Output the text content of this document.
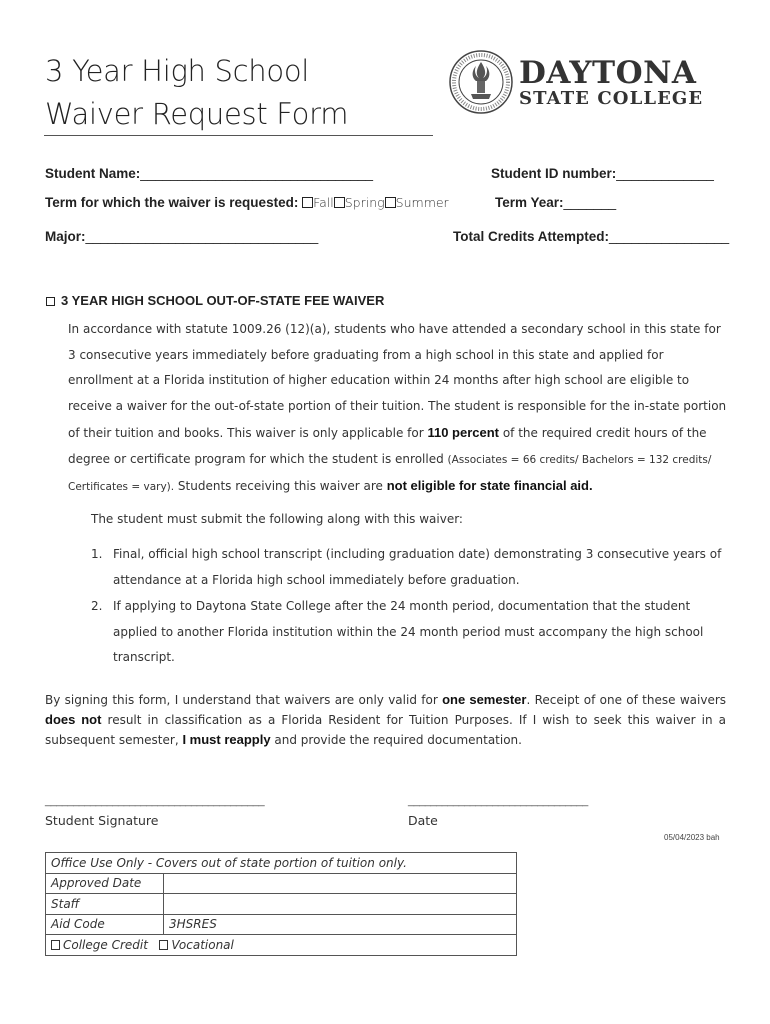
3 Year High School
Waiver Request Form
DAYTONA
STATE COLLEGE
Student Name:_______________________________	Student ID number:_____________
Term for which the waiver is requested: Fall Spring Summer	Term Year:_______
Major:_______________________________	Total Credits Attempted:________________
3 YEAR HIGH SCHOOL OUT-OF-STATE FEE WAIVER
In accordance with statute 1009.26 (12)(a), students who have attended a secondary school in this state for 3 consecutive years immediately before graduating from a high school in this state and applied for enrollment at a Florida institution of higher education within 24 months after high school are eligible to receive a waiver for the out-of-state portion of their tuition. The student is responsible for the in-state portion of their tuition and books. This waiver is only applicable for 110 percent of the required credit hours of the degree or certificate program for which the student is enrolled (Associates = 66 credits/ Bachelors = 132 credits/ Certificates = vary). Students receiving this waiver are not eligible for state financial aid.
The student must submit the following along with this waiver:
1. Final, official high school transcript (including graduation date) demonstrating 3 consecutive years of attendance at a Florida high school immediately before graduation.
2. If applying to Daytona State College after the 24 month period, documentation that the student applied to another Florida institution within the 24 month period must accompany the high school transcript.
By signing this form, I understand that waivers are only valid for one semester. Receipt of one of these waivers does not result in classification as a Florida Resident for Tuition Purposes. If I wish to seek this waiver in a subsequent semester, I must reapply and provide the required documentation.
_______________________________________
Student Signature
________________________________
Date
05/04/2023 bah
Office Use Only - Covers out of state portion of tuition only.	
Approved Date	
Staff	
Aid Code	3HSRES
College Credit Vocational	
